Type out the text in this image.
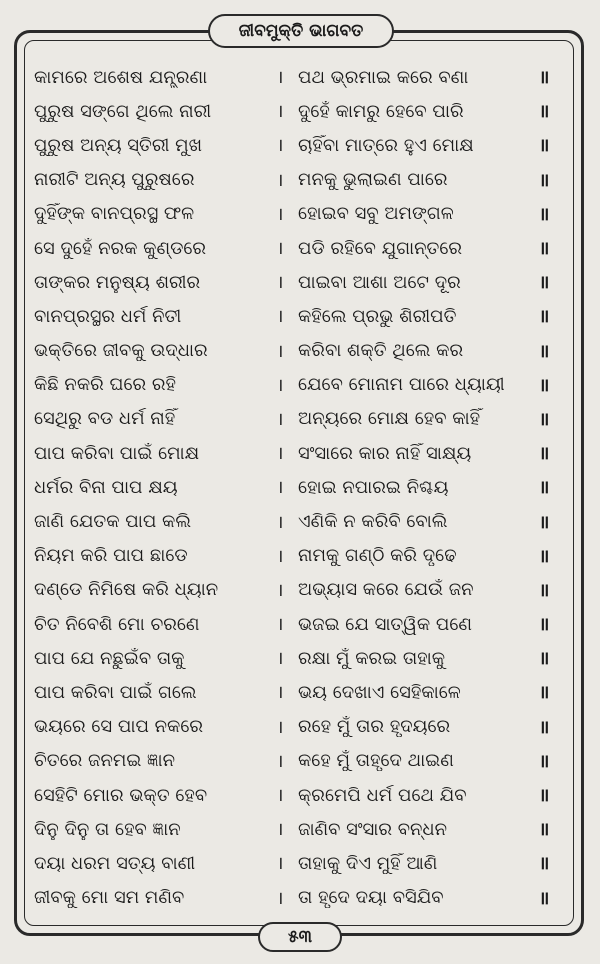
ଜୀବମୁକ୍ତି ଭାଗବତ
କାମରେ ଅଶେଷ ଯନ୍ତ୍ରଣା	। ପଥ ଭ୍ରମାଇ କରେ ବଣା	॥
ପୁରୁଷ ସଙ୍ଗେ ଥିଲେ ନାରୀ	। ଦୁହେଁ କାମରୁ ହେବେ ପାରି	॥
ପୁରୁଷ ଅନ୍ୟ ସ୍ତିରୀ ମୁଖ	। ଚାହିଁବା ମାତ୍ରେ ହୁଏ ମୋକ୍ଷ	॥
ନାରୀଟି ଅନ୍ୟ ପୁରୁଷରେ	। ମନକୁ ଭୁଲାଇଣ ପାରେ	॥
ଦୁହିଁଙ୍କ ବାନପ୍ରସ୍ଥ ଫଳ	। ହୋଇବ ସବୁ ଅମଙ୍ଗଳ	॥
ସେ ଦୁହେଁ ନରକ କୁଣ୍ଡରେ	। ପଡି ରହିବେ ଯୁଗାନ୍ତରେ	॥
ତାଙ୍କର ମନୁଷ୍ୟ ଶରୀର	। ପାଇବା ଆଶା ଅଟେ ଦୂର	॥
ବାନପ୍ରସ୍ଥର ଧର୍ମ ନିତୀ	। କହିଲେ ପ୍ରଭୁ ଶିରୀପତି	॥
ଭକ୍ତିରେ ଜୀବକୁ ଉଦ୍ଧାର	। କରିବା ଶକ୍ତି ଥିଲେ କର	॥
କିଛି ନକରି ଘରେ ରହି	। ଯେବେ ମୋନାମ ପାରେ ଧ୍ୟାୟୀ	॥
ସେଥିରୁ ବଡ ଧର୍ମ ନାହିଁ	। ଅନ୍ୟରେ ମୋକ୍ଷ ହେବ କାହିଁ	॥
ପାପ କରିବା ପାଇଁ ମୋକ୍ଷ	। ସଂସାରେ କାର ନାହିଁ ସାକ୍ଷ୍ୟ	॥
ଧର୍ମର ବିନା ପାପ କ୍ଷୟ	। ହୋଇ ନପାରଇ ନିଶ୍ଚୟ	॥
ଜାଣି ଯେତକ ପାପ କଲି	। ଏଣିକି ନ କରିବି ବୋଲି	॥
ନିୟମ କରି ପାପ ଛାଡେ	। ନାମକୁ ଗଣ୍ଠି କରି ଦୃଢେ	॥
ଦଣ୍ଡେ ନିମିଷେ କରି ଧ୍ୟାନ	। ଅଭ୍ୟାସ କରେ ଯେଉଁ ଜନ	॥
ଚିତ ନିବେଶି ମୋ ଚରଣେ	। ଭଜଇ ଯେ ସାତ୍ୱିକ ପଣେ	॥
ପାପ ଯେ ନଛୁଇଁବ ତାକୁ	। ରକ୍ଷା ମୁଁ କରଇ ତାହାକୁ	॥
ପାପ କରିବା ପାଇଁ ଗଲେ	। ଭୟ ଦେଖାଏ ସେହିକାଳେ	॥
ଭୟରେ ସେ ପାପ ନକରେ	। ରହେ ମୁଁ ତାର ହୃଦୟରେ	॥
ଚିତରେ ଜନମଇ ଜ୍ଞାନ	। କହେ ମୁଁ ତାହୃଦେ ଥାଇଣ	॥
ସେହିଟି ମୋର ଭକ୍ତ ହେବ	। କ୍ରମେପି ଧର୍ମ ପଥେ ଯିବ	॥
ଦିନୁ ଦିନୁ ତା ହେବ ଜ୍ଞାନ	। ଜାଣିବ ସଂସାର ବନ୍ଧନ	॥
ଦୟା ଧରମ ସତ୍ୟ ବାଣୀ	। ତାହାକୁ ଦିଏ ମୁହିଁ ଆଣି	॥
ଜୀବକୁ ମୋ ସମ ମଣିବ	। ତା ହୃଦେ ଦୟା ବସିଯିବ	॥
୫୩
